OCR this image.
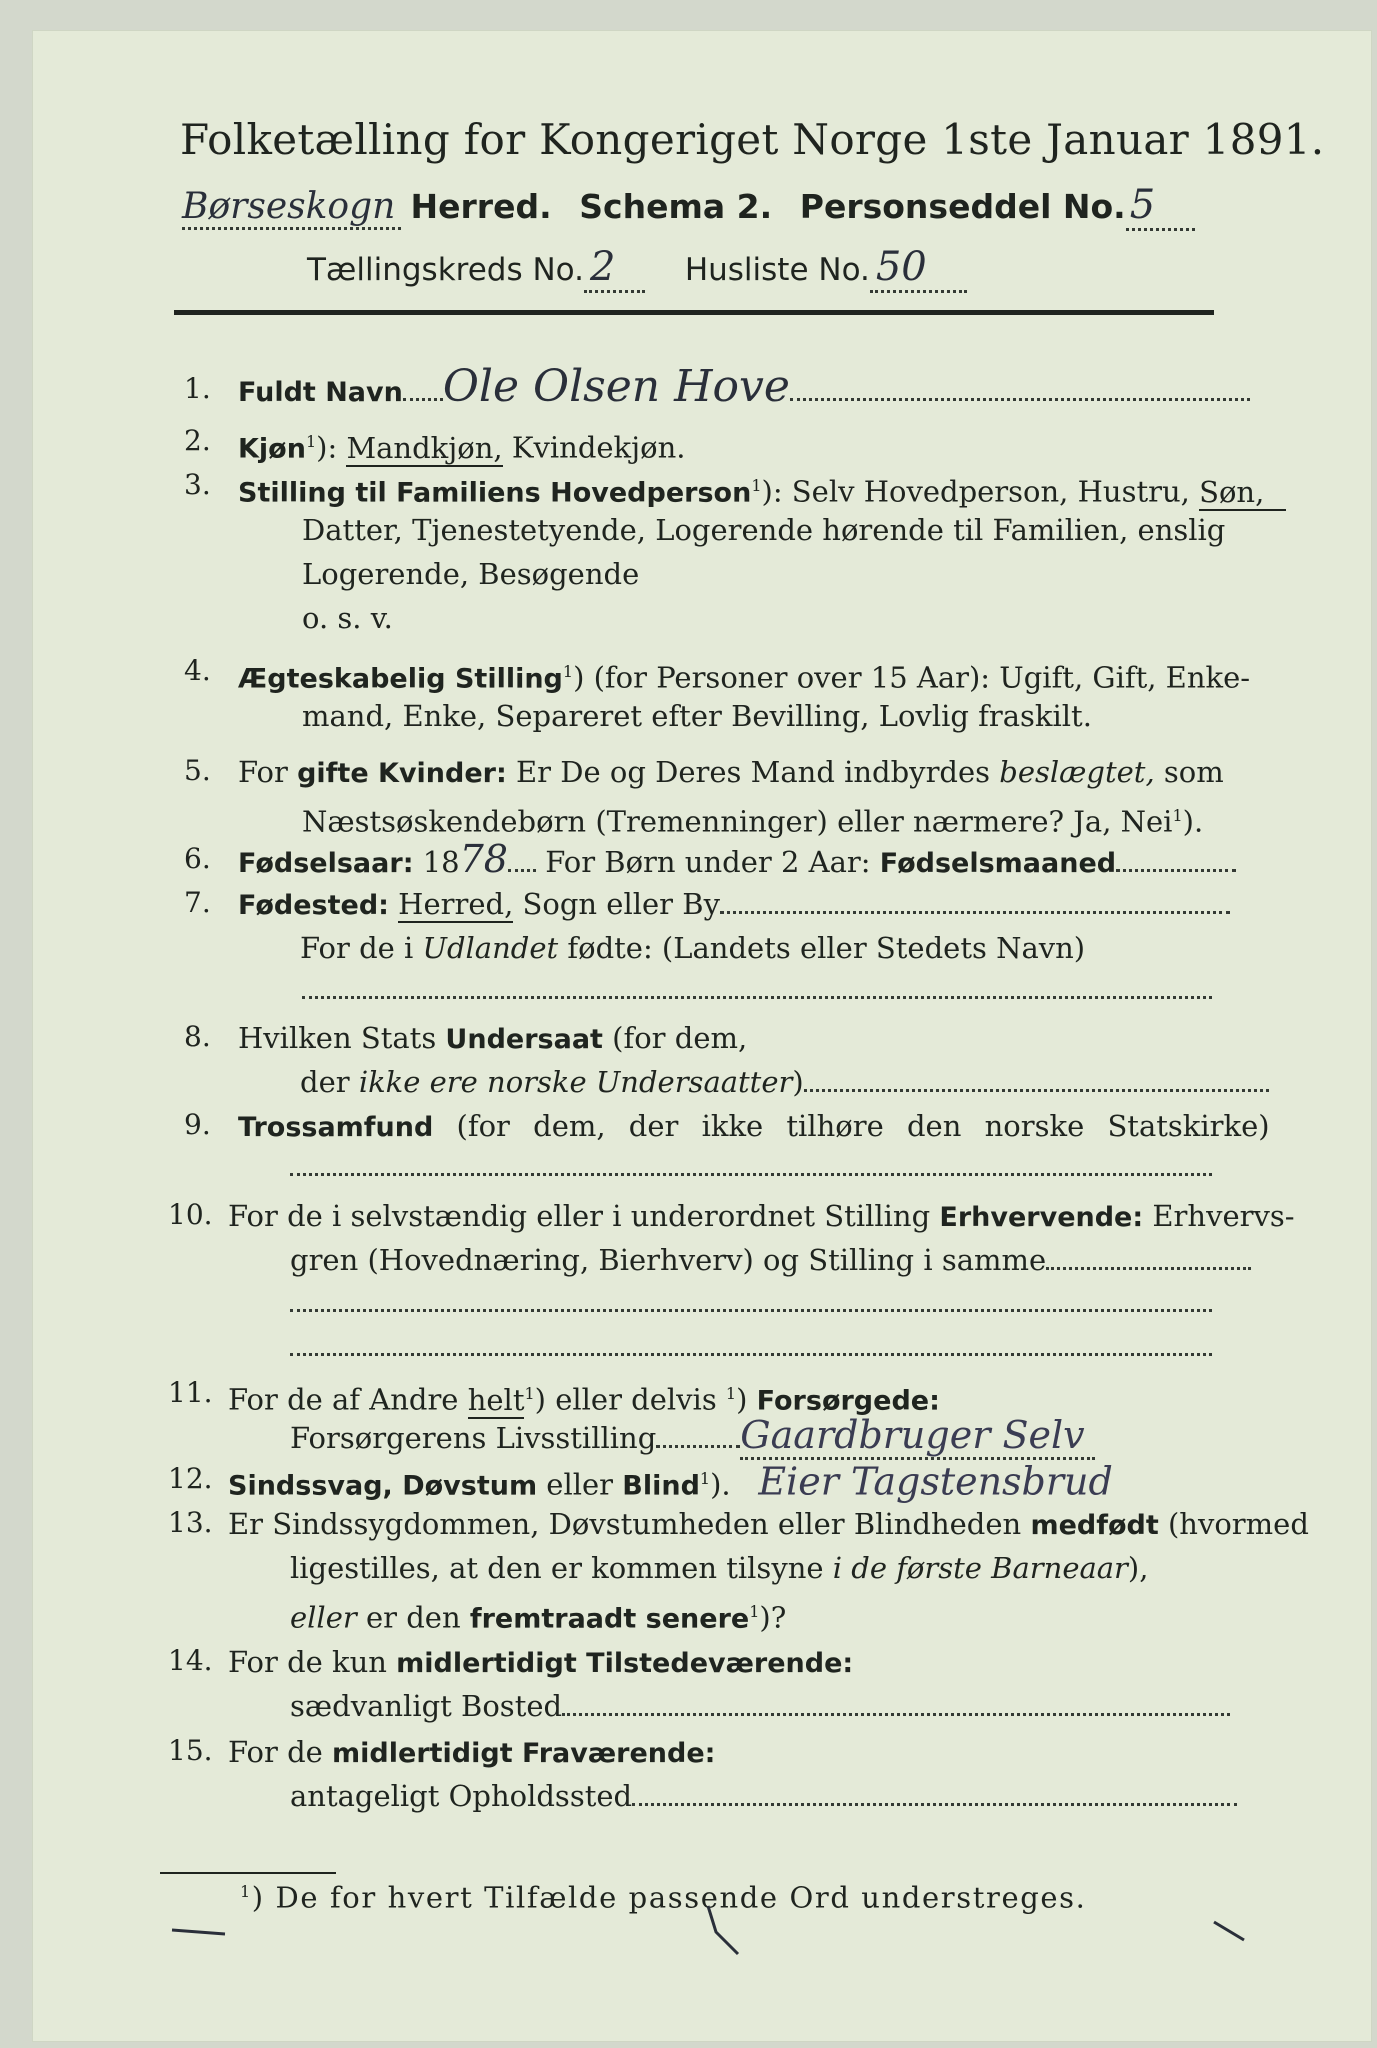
Folketælling for Kongeriget Norge 1ste Januar 1891.
Børseskogn Herred. Schema 2. Personseddel No. 5
Tællingskreds No. 2 Husliste No. 50
1. Fuldt Navn Ole Olsen Hove
2. Kjøn$^1$): Mandkjøn, Kvindekjøn.
3. Stilling til Familiens Hovedperson$^1$): Selv Hovedperson, Hustru, Søn,
Datter, Tjenestetyende, Logerende hørende til Familien, enslig
Logerende, Besøgende
o. s. v.
4. Ægteskabelig Stilling$^1$) (for Personer over 15 Aar): Ugift, Gift, Enke-
mand, Enke, Separeret efter Bevilling, Lovlig fraskilt.
5. For gifte Kvinder: Er De og Deres Mand indbyrdes beslægtet, som
Næstsøskendebørn (Tremenninger) eller nærmere? Ja, Nei$^1$).
6. Fødselsaar: 1878 For Børn under 2 Aar: Fødselsmaaned
7. Fødested: Herred, Sogn eller By
For de i Udlandet fødte: (Landets eller Stedets Navn)
8. Hvilken Stats Undersaat (for dem,
der ikke ere norske Undersaatter)
9. Trossamfund (for dem, der ikke tilhøre den norske Statskirke)
10. For de i selvstændig eller i underordnet Stilling Erhvervende: Erhvervs-
gren (Hovednæring, Bierhverv) og Stilling i samme
11. For de af Andre helt$^1$) eller delvis $^1$) Forsørgede:
Forsørgerens Livsstilling Gaardbruger Selv
12. Sindssvag, Døvstum eller Blind$^1$). Eier Tagstensbrud
13. Er Sindssygdommen, Døvstumheden eller Blindheden medfødt (hvormed
ligestilles, at den er kommen tilsyne i de første Barneaar),
eller er den fremtraadt senere$^1$)?
14. For de kun midlertidigt Tilstedeværende:
sædvanligt Bosted
15. For de midlertidigt Fraværende:
antageligt Opholdssted
$^1$) De for hvert Tilfælde passende Ord understreges.
